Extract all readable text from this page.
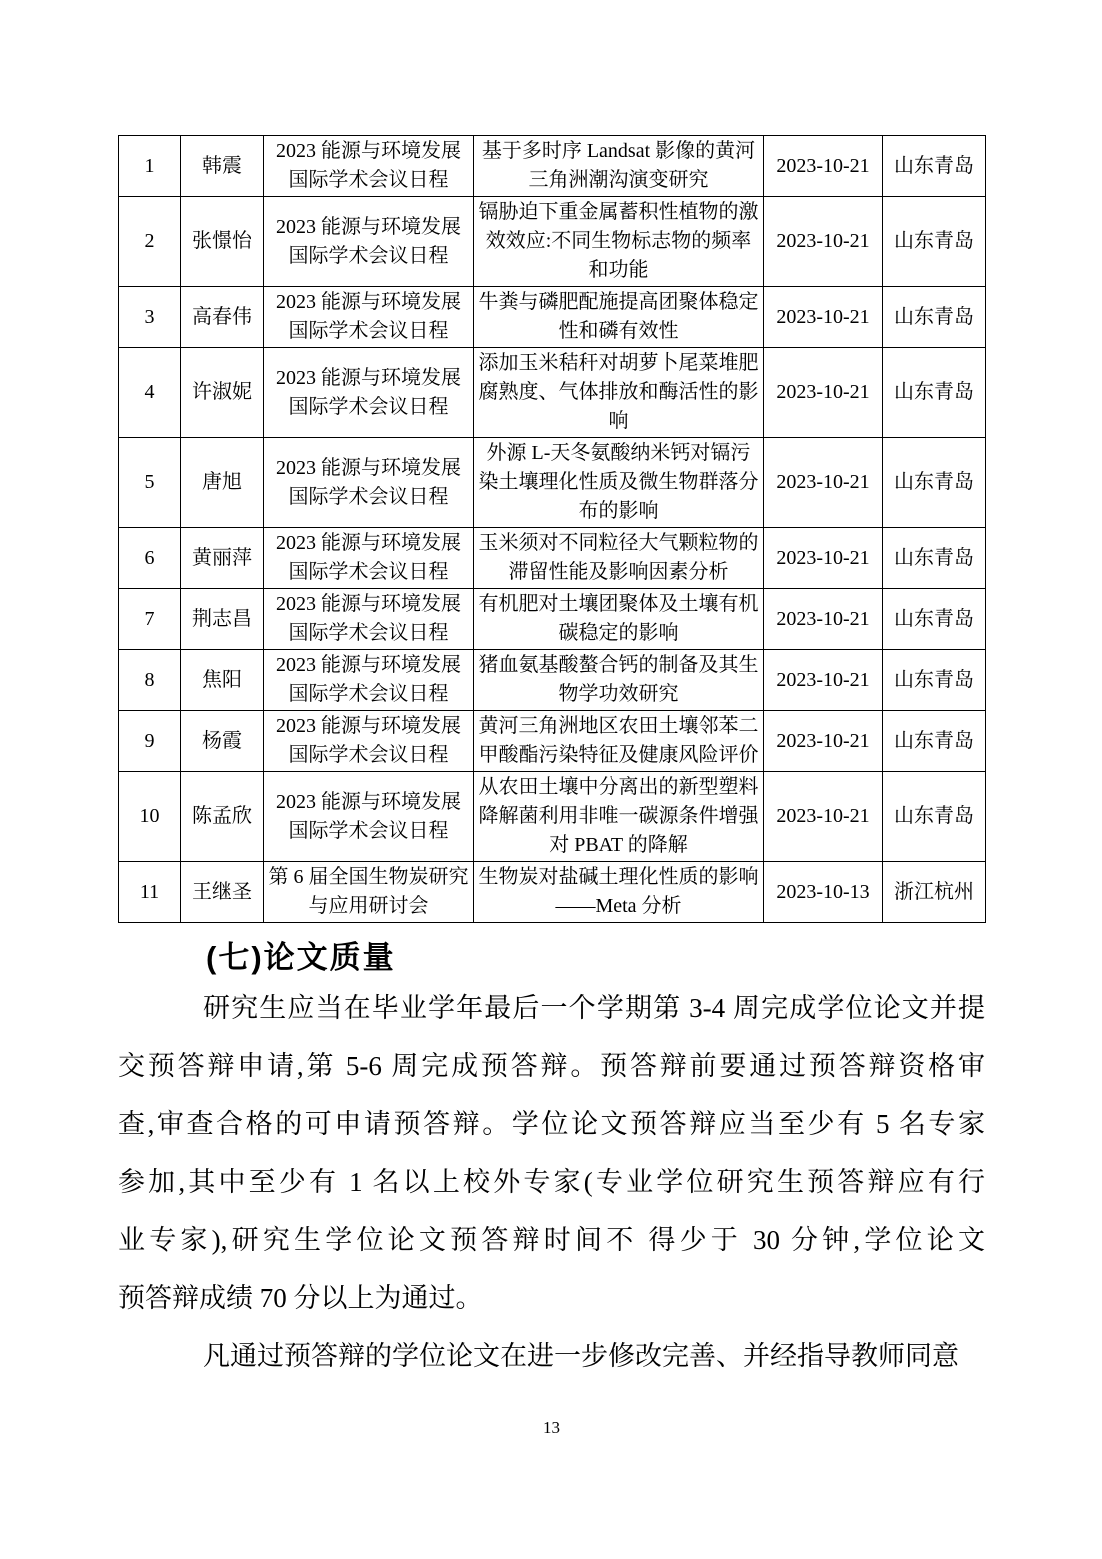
1	韩震	2023 能源与环境发展国际学术会议日程	基于多时序 Landsat 影像的黄河三角洲潮沟演变研究	2023-10-21	山东青岛
2	张憬怡	2023 能源与环境发展国际学术会议日程	镉胁迫下重金属蓄积性植物的激效效应:不同生物标志物的频率和功能	2023-10-21	山东青岛
3	高春伟	2023 能源与环境发展国际学术会议日程	牛粪与磷肥配施提高团聚体稳定性和磷有效性	2023-10-21	山东青岛
4	许淑妮	2023 能源与环境发展国际学术会议日程	添加玉米秸秆对胡萝卜尾菜堆肥腐熟度、气体排放和酶活性的影响	2023-10-21	山东青岛
5	唐旭	2023 能源与环境发展国际学术会议日程	外源 L-天冬氨酸纳米钙对镉污染土壤理化性质及微生物群落分布的影响	2023-10-21	山东青岛
6	黄丽萍	2023 能源与环境发展国际学术会议日程	玉米须对不同粒径大气颗粒物的滞留性能及影响因素分析	2023-10-21	山东青岛
7	荆志昌	2023 能源与环境发展国际学术会议日程	有机肥对土壤团聚体及土壤有机碳稳定的影响	2023-10-21	山东青岛
8	焦阳	2023 能源与环境发展国际学术会议日程	猪血氨基酸螯合钙的制备及其生物学功效研究	2023-10-21	山东青岛
9	杨霞	2023 能源与环境发展国际学术会议日程	黄河三角洲地区农田土壤邻苯二甲酸酯污染特征及健康风险评价	2023-10-21	山东青岛
10	陈孟欣	2023 能源与环境发展国际学术会议日程	从农田土壤中分离出的新型塑料降解菌利用非唯一碳源条件增强对 PBAT 的降解	2023-10-21	山东青岛
11	王继圣	第 6 届全国生物炭研究与应用研讨会	生物炭对盐碱土理化性质的影响——Meta 分析	2023-10-13	浙江杭州
(七)论文质量
研究生应当在毕业学年最后一个学期第 3-4 周完成学位论文并提
交预答辩申请,第 5-6 周完成预答辩。预答辩前要通过预答辩资格审
查,审查合格的可申请预答辩。学位论文预答辩应当至少有 5 名专家
参加,其中至少有 1 名以上校外专家(专业学位研究生预答辩应有行
业专家),研究生学位论文预答辩时间不 得少于 30 分钟,学位论文
预答辩成绩 70 分以上为通过。
凡通过预答辩的学位论文在进一步修改完善、并经指导教师同意
13
